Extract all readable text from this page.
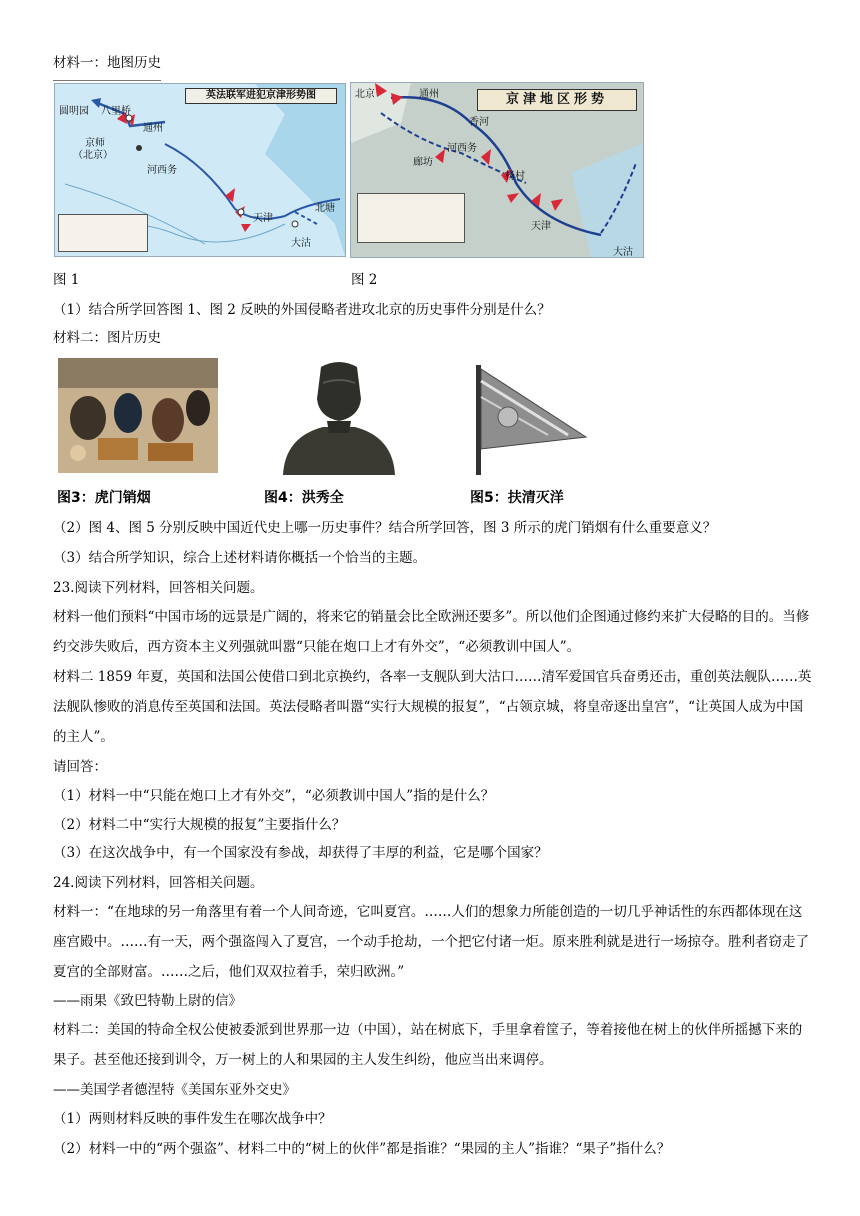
材料一：地图历史
英法联军进犯京津形势图
圆明园 八里桥
通州
京师
（北京）
河西务
天津
北塘
大沽
图 1
京津地区形势
北京	通州
香河
河西务
廊坊
杨村
天津
大沽
图 2
（1）结合所学回答图 1、图 2 反映的外国侵略者进攻北京的历史事件分别是什么？
材料二：图片历史
图3：虎门销烟	图4：洪秀全	图5：扶清灭洋
（2）图 4、图 5 分别反映中国近代史上哪一历史事件？结合所学回答，图 3 所示的虎门销烟有什么重要意义？
（3）结合所学知识，综合上述材料请你概括一个恰当的主题。
23.阅读下列材料，回答相关问题。
材料一他们预料“中国市场的远景是广阔的，将来它的销量会比全欧洲还要多”。所以他们企图通过修约来扩大侵略的目的。当修约交涉失败后，西方资本主义列强就叫嚣“只能在炮口上才有外交”，“必须教训中国人”。
材料二 1859 年夏，英国和法国公使借口到北京换约，各率一支舰队到大沽口……清军爱国官兵奋勇还击，重创英法舰队……英法舰队惨败的消息传至英国和法国。英法侵略者叫嚣“实行大规模的报复”，“占领京城，将皇帝逐出皇宫”，“让英国人成为中国的主人”。
请回答：
（1）材料一中“只能在炮口上才有外交”，“必须教训中国人”指的是什么？
（2）材料二中“实行大规模的报复”主要指什么？
（3）在这次战争中，有一个国家没有参战，却获得了丰厚的利益，它是哪个国家？
24.阅读下列材料，回答相关问题。
材料一：“在地球的另一角落里有着一个人间奇迹，它叫夏宫。……人们的想象力所能创造的一切几乎神话性的东西都体现在这座宫殿中。……有一天，两个强盗闯入了夏宫，一个动手抢劫，一个把它付诸一炬。原来胜利就是进行一场掠夺。胜利者窃走了夏宫的全部财富。……之后，他们双双拉着手，荣归欧洲。”
——雨果《致巴特勒上尉的信》
材料二：美国的特命全权公使被委派到世界那一边（中国），站在树底下，手里拿着筐子，等着接他在树上的伙伴所摇撼下来的果子。甚至他还接到训令，万一树上的人和果园的主人发生纠纷，他应当出来调停。
——美国学者德涅特《美国东亚外交史》
（1）两则材料反映的事件发生在哪次战争中？
（2）材料一中的“两个强盗”、材料二中的“树上的伙伴”都是指谁？“果园的主人”指谁？“果子”指什么？
